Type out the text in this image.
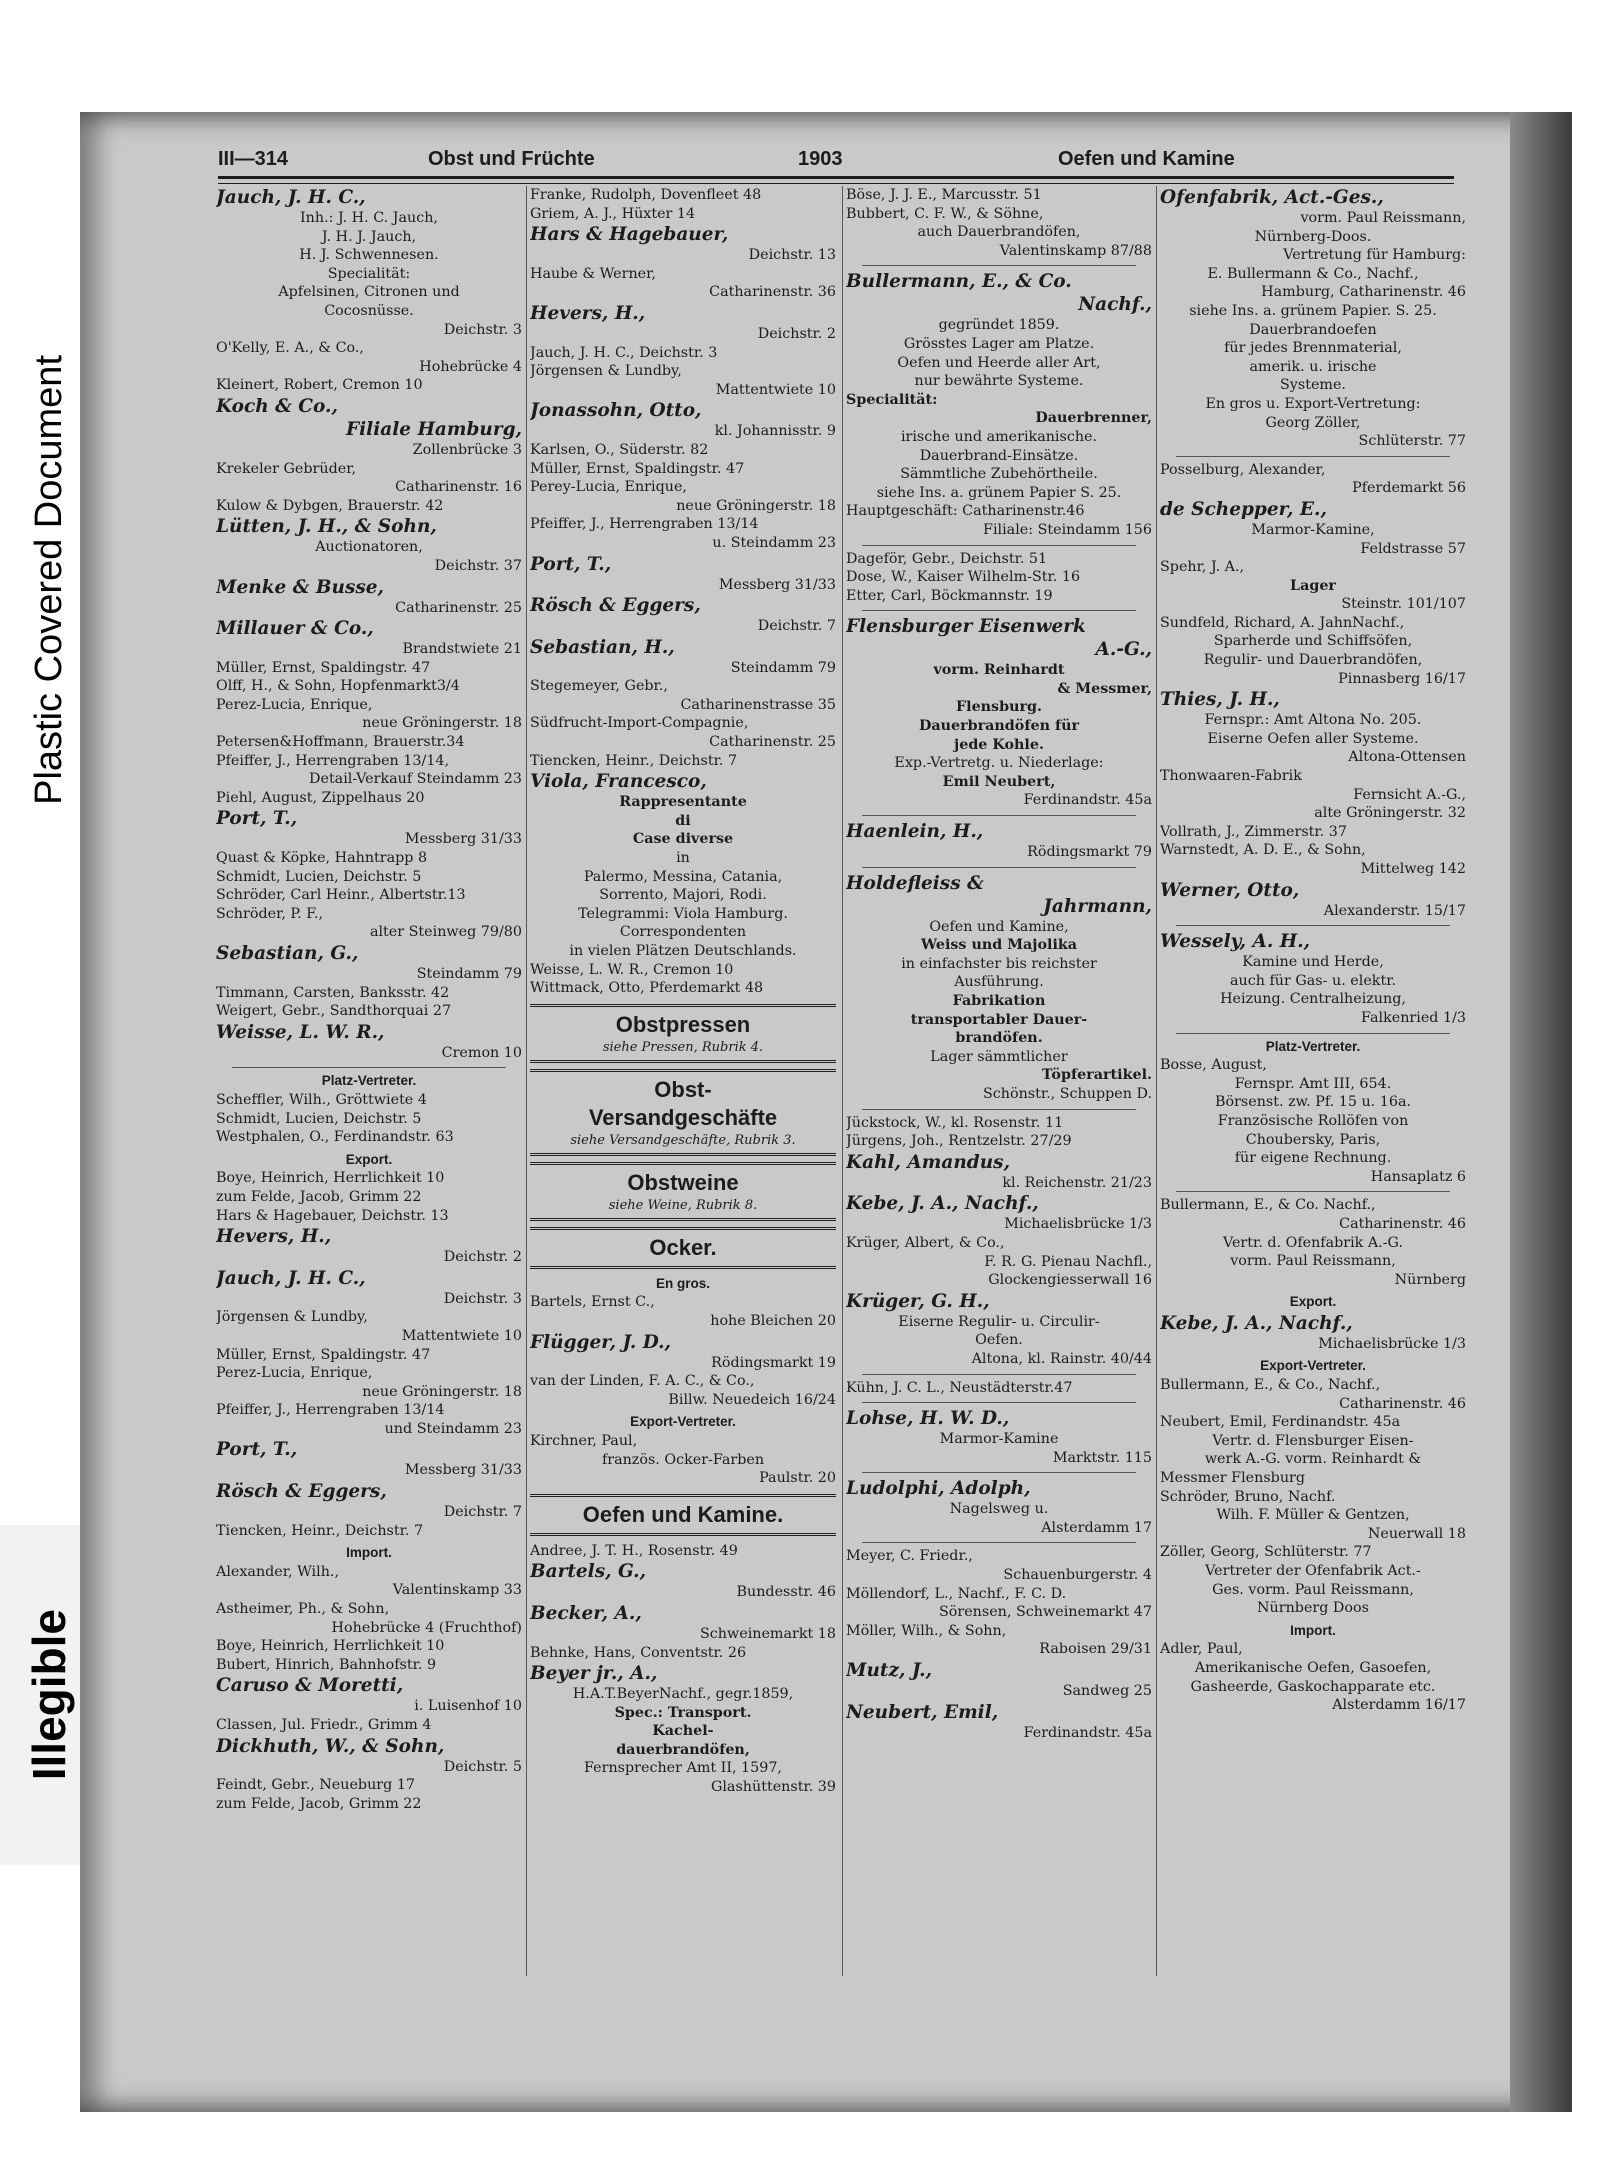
Plastic Covered Document
Illegible
III—314	Obst und Früchte	1903	Oefen und Kamine
Jauch, J. H. C.,
Inh.: J. H. C. Jauch,
J. H. J. Jauch,
H. J. Schwennesen.
Specialität:
Apfelsinen, Citronen und
Cocosnüsse.
Deichstr. 3
O'Kelly, E. A., & Co.,
Hohebrücke 4
Kleinert, Robert, Cremon 10
Koch & Co.,
Filiale Hamburg,
Zollenbrücke 3
Krekeler Gebrüder,
Catharinenstr. 16
Kulow & Dybgen, Brauerstr. 42
Lütten, J. H., & Sohn,
Auctionatoren,
Deichstr. 37
Menke & Busse,
Catharinenstr. 25
Millauer & Co.,
Brandstwiete 21
Müller, Ernst, Spaldingstr. 47
Olff, H., & Sohn, Hopfenmarkt3/4
Perez-Lucia, Enrique,
neue Gröningerstr. 18
Petersen&Hoffmann, Brauerstr.34
Pfeiffer, J., Herrengraben 13/14,
Detail-Verkauf Steindamm 23
Piehl, August, Zippelhaus 20
Port, T.,
Messberg 31/33
Quast & Köpke, Hahntrapp 8
Schmidt, Lucien, Deichstr. 5
Schröder, Carl Heinr., Albertstr.13
Schröder, P. F.,
alter Steinweg 79/80
Sebastian, G.,
Steindamm 79
Timmann, Carsten, Banksstr. 42
Weigert, Gebr., Sandthorquai 27
Weisse, L. W. R.,
Cremon 10
Platz-Vertreter.
Scheffler, Wilh., Gröttwiete 4
Schmidt, Lucien, Deichstr. 5
Westphalen, O., Ferdinandstr. 63
Export.
Boye, Heinrich, Herrlichkeit 10
zum Felde, Jacob, Grimm 22
Hars & Hagebauer, Deichstr. 13
Hevers, H.,
Deichstr. 2
Jauch, J. H. C.,
Deichstr. 3
Jörgensen & Lundby,
Mattentwiete 10
Müller, Ernst, Spaldingstr. 47
Perez-Lucia, Enrique,
neue Gröningerstr. 18
Pfeiffer, J., Herrengraben 13/14
und Steindamm 23
Port, T.,
Messberg 31/33
Rösch & Eggers,
Deichstr. 7
Tiencken, Heinr., Deichstr. 7
Import.
Alexander, Wilh.,
Valentinskamp 33
Astheimer, Ph., & Sohn,
Hohebrücke 4 (Fruchthof)
Boye, Heinrich, Herrlichkeit 10
Bubert, Hinrich, Bahnhofstr. 9
Caruso & Moretti,
i. Luisenhof 10
Classen, Jul. Friedr., Grimm 4
Dickhuth, W., & Sohn,
Deichstr. 5
Feindt, Gebr., Neueburg 17
zum Felde, Jacob, Grimm 22
Franke, Rudolph, Dovenfleet 48
Griem, A. J., Hüxter 14
Hars & Hagebauer,
Deichstr. 13
Haube & Werner,
Catharinenstr. 36
Hevers, H.,
Deichstr. 2
Jauch, J. H. C., Deichstr. 3
Jörgensen & Lundby,
Mattentwiete 10
Jonassohn, Otto,
kl. Johannisstr. 9
Karlsen, O., Süderstr. 82
Müller, Ernst, Spaldingstr. 47
Perey-Lucia, Enrique,
neue Gröningerstr. 18
Pfeiffer, J., Herrengraben 13/14
u. Steindamm 23
Port, T.,
Messberg 31/33
Rösch & Eggers,
Deichstr. 7
Sebastian, H.,
Steindamm 79
Stegemeyer, Gebr.,
Catharinenstrasse 35
Südfrucht-Import-Compagnie,
Catharinenstr. 25
Tiencken, Heinr., Deichstr. 7
Viola, Francesco,
Rappresentante
di
Case diverse
in
Palermo, Messina, Catania,
Sorrento, Majori, Rodi.
Telegrammi: Viola Hamburg.
Correspondenten
in vielen Plätzen Deutschlands.
Weisse, L. W. R., Cremon 10
Wittmack, Otto, Pferdemarkt 48
Obstpressen
siehe Pressen, Rubrik 4.
Obst-
Versandgeschäfte
siehe Versandgeschäfte, Rubrik 3.
Obstweine
siehe Weine, Rubrik 8.
Ocker.
En gros.
Bartels, Ernst C.,
hohe Bleichen 20
Flügger, J. D.,
Rödingsmarkt 19
van der Linden, F. A. C., & Co.,
Billw. Neuedeich 16/24
Export-Vertreter.
Kirchner, Paul,
französ. Ocker-Farben
Paulstr. 20
Oefen und Kamine.
Andree, J. T. H., Rosenstr. 49
Bartels, G.,
Bundesstr. 46
Becker, A.,
Schweinemarkt 18
Behnke, Hans, Conventstr. 26
Beyer jr., A.,
H.A.T.BeyerNachf., gegr.1859,
Spec.: Transport.
Kachel-
dauerbrandöfen,
Fernsprecher Amt II, 1597,
Glashüttenstr. 39
Böse, J. J. E., Marcusstr. 51
Bubbert, C. F. W., & Söhne,
auch Dauerbrandöfen,
Valentinskamp 87/88
Bullermann, E., & Co.
Nachf.,
gegründet 1859.
Grösstes Lager am Platze.
Oefen und Heerde aller Art,
nur bewährte Systeme.
Specialität:
Dauerbrenner,
irische und amerikanische.
Dauerbrand-Einsätze.
Sämmtliche Zubehörtheile.
siehe Ins. a. grünem Papier S. 25.
Hauptgeschäft: Catharinenstr.46
Filiale: Steindamm 156
Dageför, Gebr., Deichstr. 51
Dose, W., Kaiser Wilhelm-Str. 16
Etter, Carl, Böckmannstr. 19
Flensburger Eisenwerk
A.-G.,
vorm. Reinhardt
& Messmer,
Flensburg.
Dauerbrandöfen für
jede Kohle.
Exp.-Vertretg. u. Niederlage:
Emil Neubert,
Ferdinandstr. 45a
Haenlein, H.,
Rödingsmarkt 79
Holdefleiss &
Jahrmann,
Oefen und Kamine,
Weiss und Majolika
in einfachster bis reichster
Ausführung.
Fabrikation
transportabler Dauer-
brandöfen.
Lager sämmtlicher
Töpferartikel.
Schönstr., Schuppen D.
Jückstock, W., kl. Rosenstr. 11
Jürgens, Joh., Rentzelstr. 27/29
Kahl, Amandus,
kl. Reichenstr. 21/23
Kebe, J. A., Nachf.,
Michaelisbrücke 1/3
Krüger, Albert, & Co.,
F. R. G. Pienau Nachfl.,
Glockengiesserwall 16
Krüger, G. H.,
Eiserne Regulir- u. Circulir-
Oefen.
Altona, kl. Rainstr. 40/44
Kühn, J. C. L., Neustädterstr.47
Lohse, H. W. D.,
Marmor-Kamine
Marktstr. 115
Ludolphi, Adolph,
Nagelsweg u.
Alsterdamm 17
Meyer, C. Friedr.,
Schauenburgerstr. 4
Möllendorf, L., Nachf., F. C. D.
Sörensen, Schweinemarkt 47
Möller, Wilh., & Sohn,
Raboisen 29/31
Mutz, J.,
Sandweg 25
Neubert, Emil,
Ferdinandstr. 45a
Ofenfabrik, Act.-Ges.,
vorm. Paul Reissmann,
Nürnberg-Doos.
Vertretung für Hamburg:
E. Bullermann & Co., Nachf.,
Hamburg, Catharinenstr. 46
siehe Ins. a. grünem Papier. S. 25.
Dauerbrandoefen
für jedes Brennmaterial,
amerik. u. irische
Systeme.
En gros u. Export-Vertretung:
Georg Zöller,
Schlüterstr. 77
Posselburg, Alexander,
Pferdemarkt 56
de Schepper, E.,
Marmor-Kamine,
Feldstrasse 57
Spehr, J. A.,
Lager
Steinstr. 101/107
Sundfeld, Richard, A. JahnNachf.,
Sparherde und Schiffsöfen,
Regulir- und Dauerbrandöfen,
Pinnasberg 16/17
Thies, J. H.,
Fernspr.: Amt Altona No. 205.
Eiserne Oefen aller Systeme.
Altona-Ottensen
Thonwaaren-Fabrik
Fernsicht A.-G.,
alte Gröningerstr. 32
Vollrath, J., Zimmerstr. 37
Warnstedt, A. D. E., & Sohn,
Mittelweg 142
Werner, Otto,
Alexanderstr. 15/17
Wessely, A. H.,
Kamine und Herde,
auch für Gas- u. elektr.
Heizung. Centralheizung,
Falkenried 1/3
Platz-Vertreter.
Bosse, August,
Fernspr. Amt III, 654.
Börsenst. zw. Pf. 15 u. 16a.
Französische Rollöfen von
Choubersky, Paris,
für eigene Rechnung.
Hansaplatz 6
Bullermann, E., & Co. Nachf.,
Catharinenstr. 46
Vertr. d. Ofenfabrik A.-G.
vorm. Paul Reissmann,
Nürnberg
Export.
Kebe, J. A., Nachf.,
Michaelisbrücke 1/3
Export-Vertreter.
Bullermann, E., & Co., Nachf.,
Catharinenstr. 46
Neubert, Emil, Ferdinandstr. 45a
Vertr. d. Flensburger Eisen-
werk A.-G. vorm. Reinhardt &
Messmer Flensburg
Schröder, Bruno, Nachf.
Wilh. F. Müller & Gentzen,
Neuerwall 18
Zöller, Georg, Schlüterstr. 77
Vertreter der Ofenfabrik Act.-
Ges. vorm. Paul Reissmann,
Nürnberg Doos
Import.
Adler, Paul,
Amerikanische Oefen, Gasoefen,
Gasheerde, Gaskochapparate etc.
Alsterdamm 16/17
